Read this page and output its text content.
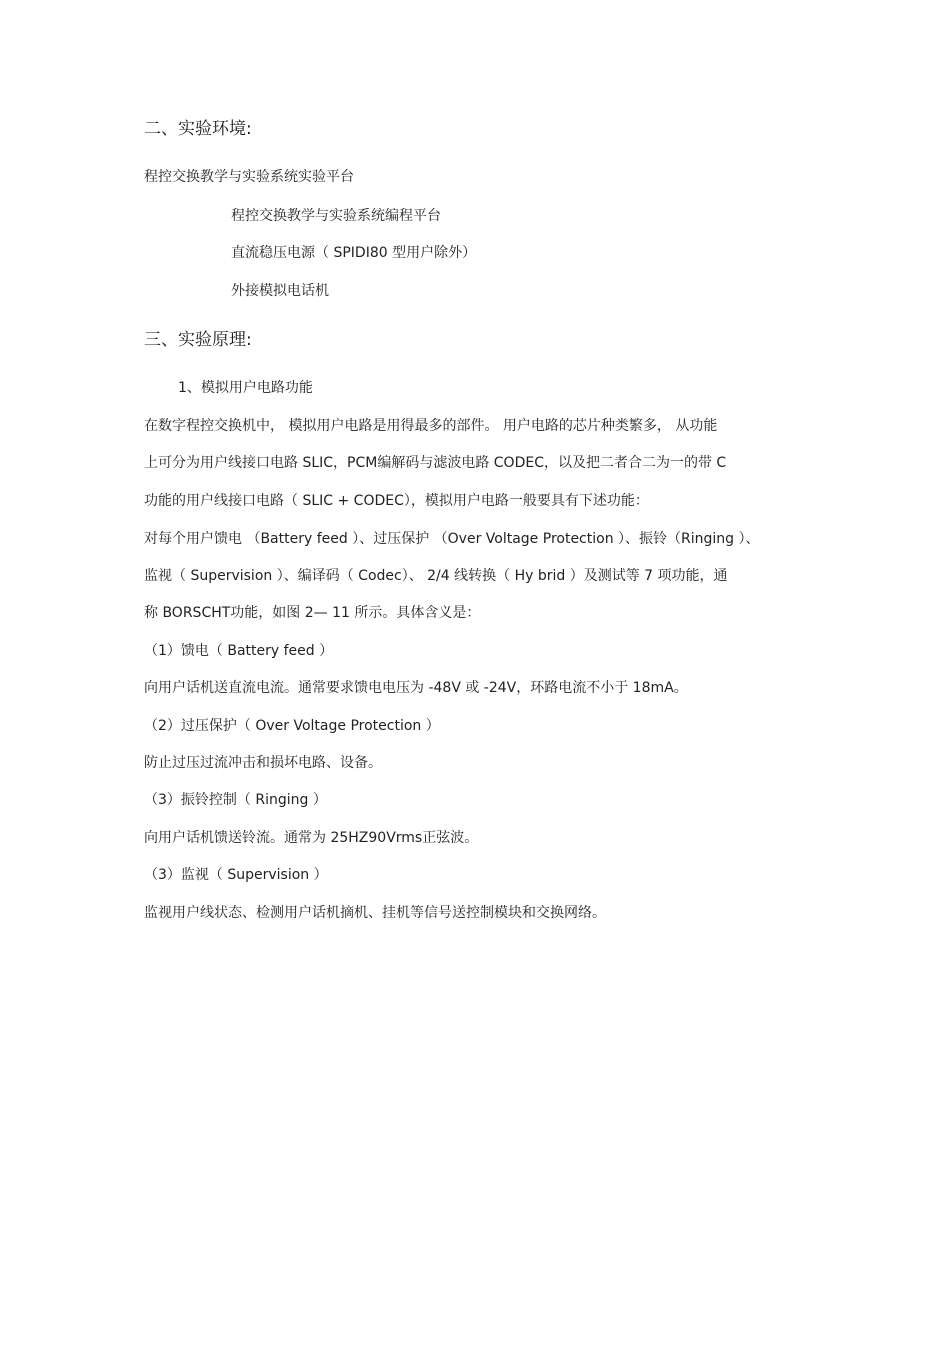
二、实验环境:
程控交换教学与实验系统实验平台
程控交换教学与实验系统编程平台
直流稳压电源（ SPIDI80 型用户除外）
外接模拟电话机
三、实验原理:
1、模拟用户电路功能
在数字程控交换机中， 模拟用户电路是用得最多的部件。 用户电路的芯片种类繁多， 从功能
上可分为用户线接口电路 SLIC，PCM编解码与滤波电路 CODEC，以及把二者合二为一的带 C
功能的用户线接口电路（ SLIC + CODEC），模拟用户电路一般要具有下述功能：
对每个用户馈电 （Battery feed ）、过压保护 （Over Voltage Protection ）、振铃（Ringing ）、
监视（ Supervision ）、编译码（ Codec）、 2/4 线转换（ Hy brid ）及测试等 7 项功能，通
称 BORSCHT功能，如图 2— 11 所示。具体含义是：
（1）馈电（ Battery feed ）
向用户话机送直流电流。通常要求馈电电压为 -48V 或 -24V，环路电流不小于 18mA。
（2）过压保护（ Over Voltage Protection ）
防止过压过流冲击和损坏电路、设备。
（3）振铃控制（ Ringing ）
向用户话机馈送铃流。通常为 25HZ90Vrms正弦波。
（3）监视（ Supervision ）
监视用户线状态、检测用户话机摘机、挂机等信号送控制模块和交换网络。
